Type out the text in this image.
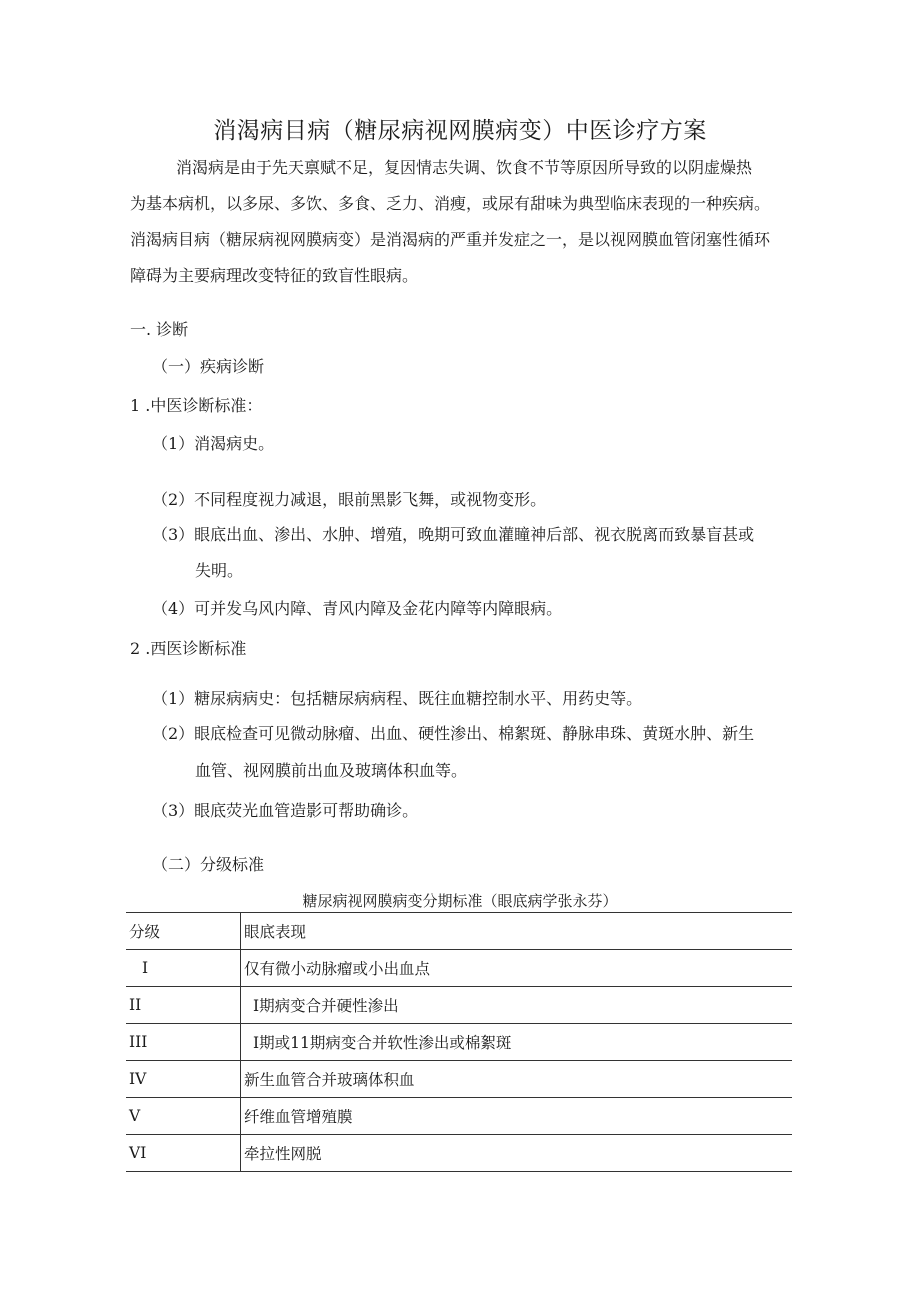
消渴病目病（糖尿病视网膜病变）中医诊疗方案
消渴病是由于先天禀赋不足，复因情志失调、饮食不节等原因所导致的以阴虚燥热
为基本病机，以多尿、多饮、多食、乏力、消瘦，或尿有甜味为典型临床表现的一种疾病。
消渴病目病（糖尿病视网膜病变）是消渴病的严重并发症之一，是以视网膜血管闭塞性循环
障碍为主要病理改变特征的致盲性眼病。
一. 诊断
（一）疾病诊断
1 .中医诊断标准：
（1）消渴病史。
（2）不同程度视力减退，眼前黑影飞舞，或视物变形。
（3）眼底出血、渗出、水肿、增殖，晚期可致血灌瞳神后部、视衣脱离而致暴盲甚或
失明。
（4）可并发乌风内障、青风内障及金花内障等内障眼病。
2 .西医诊断标准
（1）糖尿病病史：包括糖尿病病程、既往血糖控制水平、用药史等。
（2）眼底检查可见微动脉瘤、出血、硬性渗出、棉絮斑、静脉串珠、黄斑水肿、新生
血管、视网膜前出血及玻璃体积血等。
（3）眼底荧光血管造影可帮助确诊。
（二）分级标准
糖尿病视网膜病变分期标准（眼底病学张永芬）
分级	眼底表现
I	仅有微小动脉瘤或小出血点
II	I期病变合并硬性渗出
III	I期或11期病变合并软性渗出或棉絮斑
IV	新生血管合并玻璃体积血
V	纤维血管增殖膜
VI	牵拉性网脱
